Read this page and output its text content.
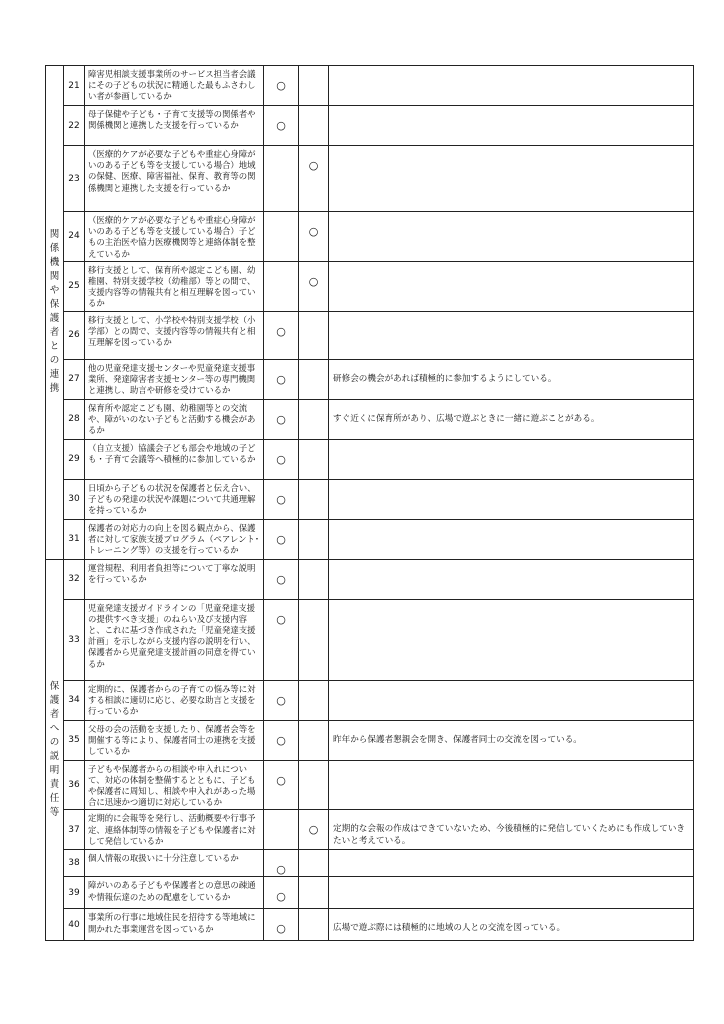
関係機関や保護者との連携	21	障害児相談支援事業所のサービス担当者会議にその子どもの状況に精通した最もふさわしい者が参画しているか	○		

	22	母子保健や子ども・子育て支援等の関係者や関係機関と連携した支援を行っているか	○		

	23	（医療的ケアが必要な子どもや重症心身障がいのある子ども等を支援している場合）地域の保健、医療、障害福祉、保育、教育等の関係機関と連携した支援を行っているか		○	

	24	（医療的ケアが必要な子どもや重症心身障がいのある子ども等を支援している場合）子どもの主治医や協力医療機関等と連絡体制を整えているか		○	

	25	移行支援として、保育所や認定こども園、幼稚園、特別支援学校（幼稚部）等との間で、支援内容等の情報共有と相互理解を図っているか		○	

	26	移行支援として、小学校や特別支援学校（小学部）との間で、支援内容等の情報共有と相互理解を図っているか	○		

	27	他の児童発達支援センターや児童発達支援事業所、発達障害者支援センター等の専門機関と連携し、助言や研修を受けているか	○		研修会の機会があれば積極的に参加するようにしている。

	28	保育所や認定こども園、幼稚園等との交流や、障がいのない子どもと活動する機会があるか	○		すぐ近くに保育所があり、広場で遊ぶときに一緒に遊ぶことがある。

	29	（自立支援）協議会子ども部会や地域の子ども・子育て会議等へ積極的に参加しているか	○		

	30	日頃から子どもの状況を保護者と伝え合い、子どもの発達の状況や課題について共通理解を持っているか	○		

	31	保護者の対応力の向上を図る観点から、保護者に対して家族支援プログラム（ペアレント･トレーニング等）の支援を行っているか	○		

保護者への説明責任等	32	運営規程、利用者負担等について丁寧な説明を行っているか	○		

	33	児童発達支援ガイドラインの「児童発達支援の提供すべき支援」のねらい及び支援内容と、これに基づき作成された「児童発達支援計画」を示しながら支援内容の説明を行い、保護者から児童発達支援計画の同意を得ているか	○		

	34	定期的に、保護者からの子育ての悩み等に対する相談に適切に応じ、必要な助言と支援を行っているか	○		

	35	父母の会の活動を支援したり、保護者会等を開催する等により、保護者同士の連携を支援しているか	○		昨年から保護者懇親会を開き、保護者同士の交流を図っている。

	36	子どもや保護者からの相談や申入れについて、対応の体制を整備するとともに、子どもや保護者に周知し、相談や申入れがあった場合に迅速かつ適切に対応しているか	○		

	37	定期的に会報等を発行し、活動概要や行事予定、連絡体制等の情報を子どもや保護者に対して発信しているか		○	定期的な会報の作成はできていないため、今後積極的に発信していくためにも作成していきたいと考えている。

	38	個人情報の取扱いに十分注意しているか	○		

	39	障がいのある子どもや保護者との意思の疎通や情報伝達のための配慮をしているか	○		

	40	事業所の行事に地域住民を招待する等地域に開かれた事業運営を図っているか	○		広場で遊ぶ際には積極的に地域の人との交流を図っている。
